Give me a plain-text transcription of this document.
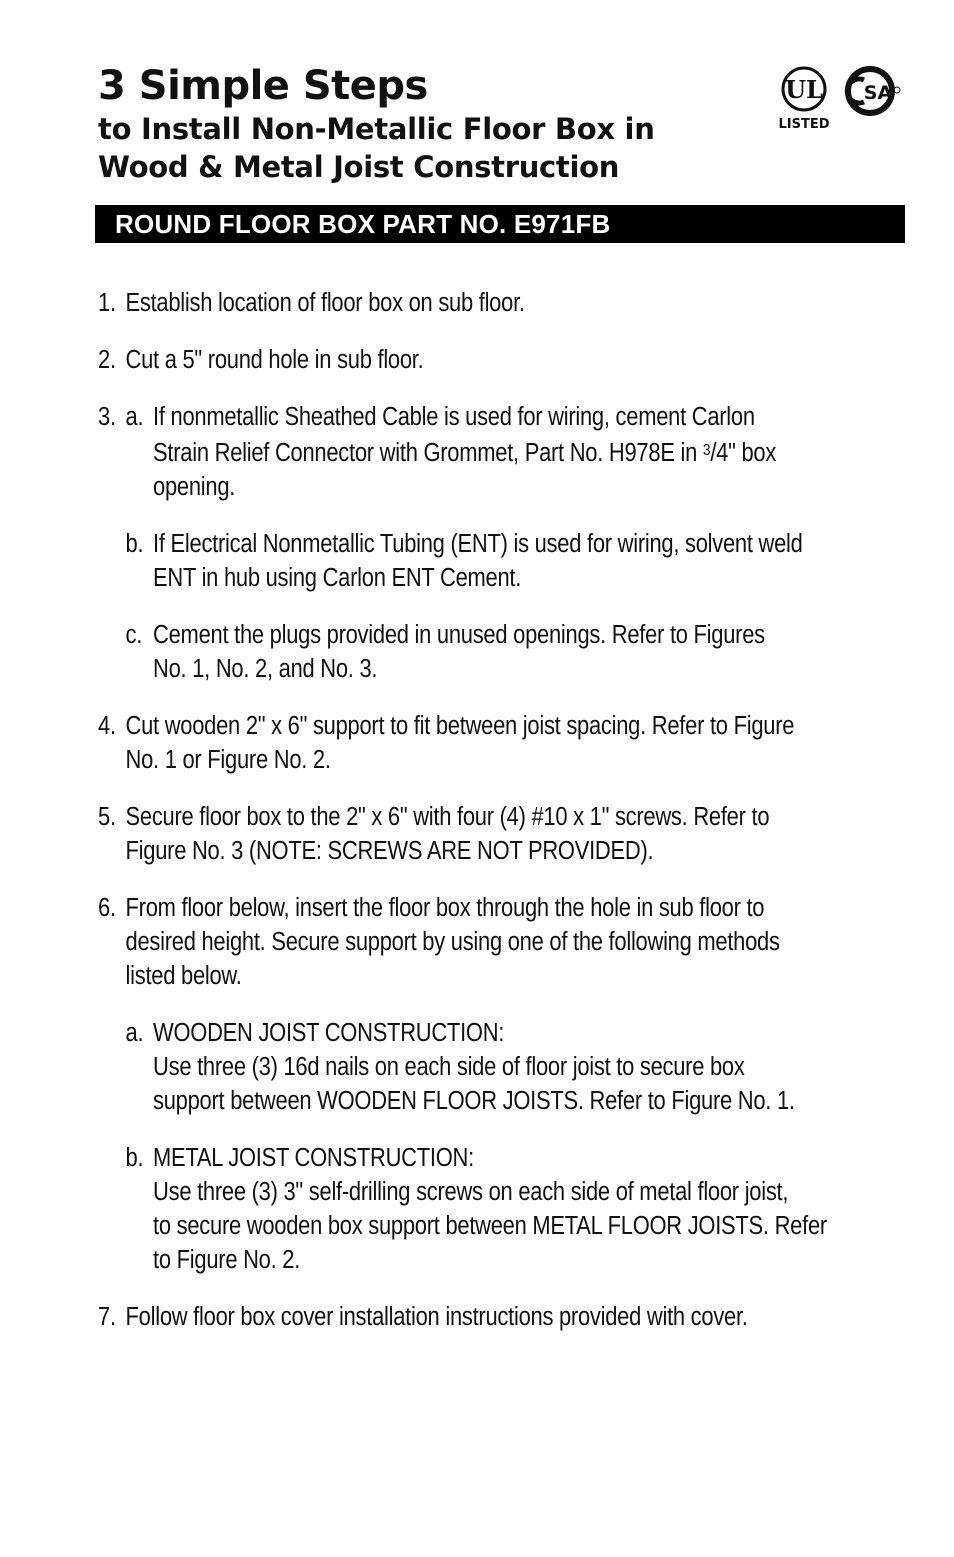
3 Simple Steps
to Install Non-Metallic Floor Box in
Wood & Metal Joist Construction
UL
LISTED
SA
ROUND FLOOR BOX PART NO. E971FB
1. Establish location of floor box on sub floor.
2. Cut a 5" round hole in sub floor.
3. a. If nonmetallic Sheathed Cable is used for wiring, cement Carlon
Strain Relief Connector with Grommet, Part No. H978E in $^3$/4" box
opening.
b. If Electrical Nonmetallic Tubing (ENT) is used for wiring, solvent weld
ENT in hub using Carlon ENT Cement.
c. Cement the plugs provided in unused openings. Refer to Figures
No. 1, No. 2, and No. 3.
4. Cut wooden 2" x 6" support to fit between joist spacing. Refer to Figure
No. 1 or Figure No. 2.
5. Secure floor box to the 2" x 6" with four (4) #10 x 1" screws. Refer to
Figure No. 3 (NOTE: SCREWS ARE NOT PROVIDED).
6. From floor below, insert the floor box through the hole in sub floor to
desired height. Secure support by using one of the following methods
listed below.
a. WOODEN JOIST CONSTRUCTION:
Use three (3) 16d nails on each side of floor joist to secure box
support between WOODEN FLOOR JOISTS. Refer to Figure No. 1.
b. METAL JOIST CONSTRUCTION:
Use three (3) 3" self-drilling screws on each side of metal floor joist,
to secure wooden box support between METAL FLOOR JOISTS. Refer
to Figure No. 2.
7. Follow floor box cover installation instructions provided with cover.
